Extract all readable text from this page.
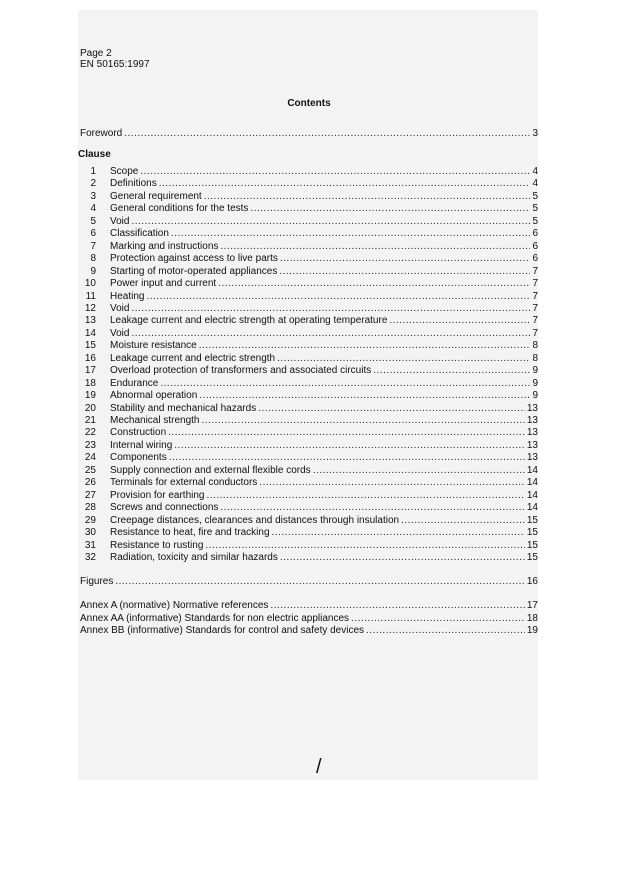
Page 2
EN 50165:1997
Contents
Foreword .....	3
Clause
1 Scope .....	4
2 Definitions .....	4
3 General requirement .....	5
4 General conditions for the tests .....	5
5 Void .....	5
6 Classification .....	6
7 Marking and instructions .....	6
8 Protection against access to live parts .....	6
9 Starting of motor-operated appliances .....	7
10 Power input and current .....	7
11 Heating .....	7
12 Void .....	7
13 Leakage current and electric strength at operating temperature .....	7
14 Void .....	7
15 Moisture resistance .....	8
16 Leakage current and electric strength .....	8
17 Overload protection of transformers and associated circuits .....	9
18 Endurance .....	9
19 Abnormal operation .....	9
20 Stability and mechanical hazards .....	13
21 Mechanical strength .....	13
22 Construction .....	13
23 Internal wiring .....	13
24 Components .....	13
25 Supply connection and external flexible cords .....	14
26 Terminals for external conductors .....	14
27 Provision for earthing .....	14
28 Screws and connections .....	14
29 Creepage distances, clearances and distances through insulation .....	15
30 Resistance to heat, fire and tracking .....	15
31 Resistance to rusting .....	15
32 Radiation, toxicity and similar hazards .....	15
Figures .....	16
Annex A (normative) Normative references .....	17
Annex AA (informative) Standards for non electric appliances .....	18
Annex BB (informative) Standards for control and safety devices .....	19
/
